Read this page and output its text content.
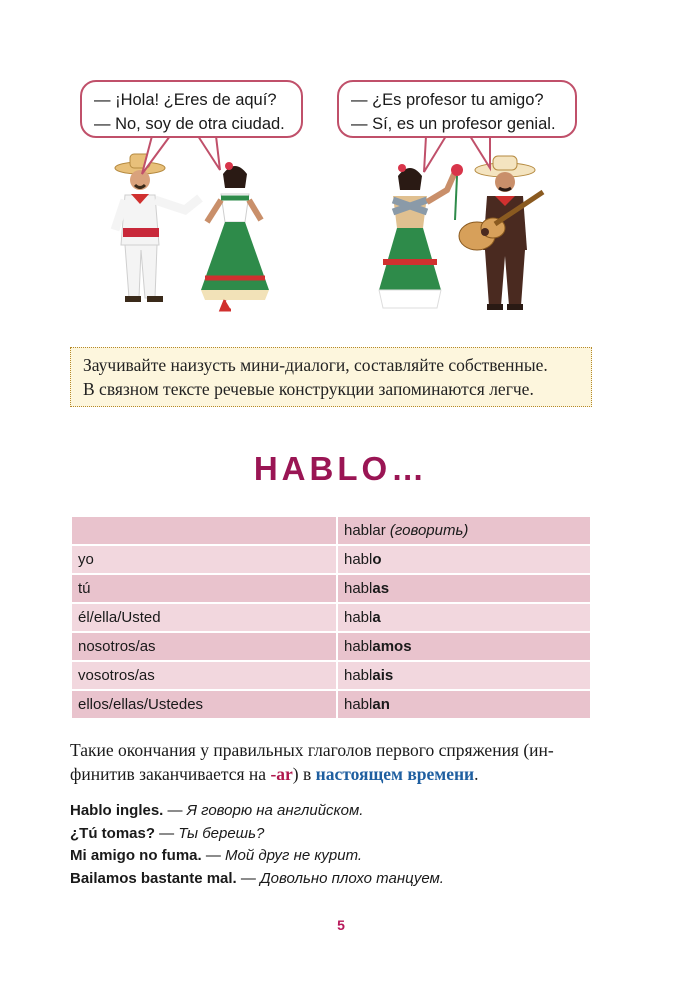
— ¡Hola! ¿Eres de aquí?
— No, soy de otra ciudad.
— ¿Es profesor tu amigo?
— Sí, es un profesor genial.
Заучивайте наизусть мини-диалоги, составляйте собственные.
В связном тексте речевые конструкции запоминаются легче.
HABLO…
	hablar (говорить)
yo	hablo
tú	hablas
él/ella/Usted	habla
nosotros/as	hablamos
vosotros/as	hablais
ellos/ellas/Ustedes	hablan
Такие окончания у правильных глаголов первого спряжения (ин-
финитив заканчивается на -ar) в настоящем времени.
Hablo ingles. — Я говорю на английском.
¿Tú tomas? — Ты берешь?
Mi amigo no fuma. — Мой друг не курит.
Bailamos bastante mal. — Довольно плохо танцуем.
5
